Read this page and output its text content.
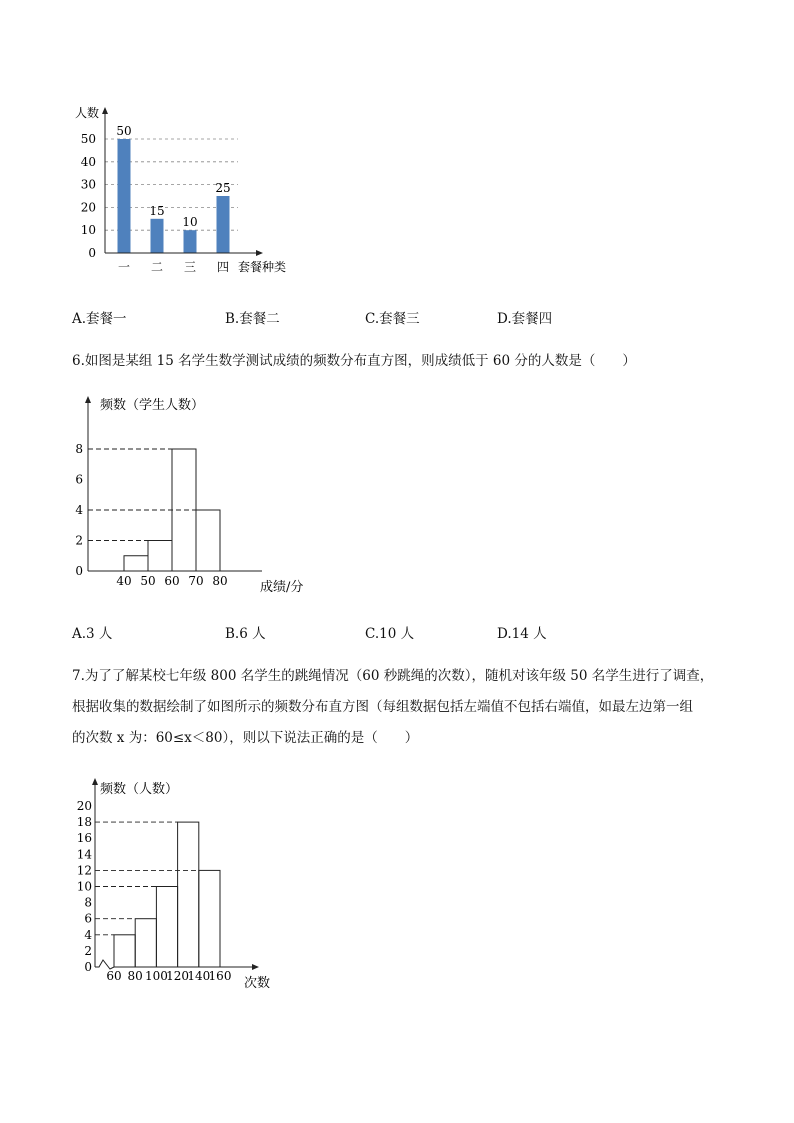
人数
50
15
10
25
0
10
20
30
40
50
一 二 三 四 套餐种类
频数（学生人数）
0
2
4
6
8
40 50 60 70 80 成绩/分
频数（人数）
0
2
4
6
8
10
12
14
16
18
20
60 80 100
120
140
160 次数
A.套餐一	B.套餐二	C.套餐三	D.套餐四
6.如图是某组 15 名学生数学测试成绩的频数分布直方图，则成绩低于 60 分的人数是（　　）
A.3 人	B.6 人	C.10 人	D.14 人
7.为了了解某校七年级 800 名学生的跳绳情况（60 秒跳绳的次数），随机对该年级 50 名学生进行了调查，
根据收集的数据绘制了如图所示的频数分布直方图（每组数据包括左端值不包括右端值，如最左边第一组
的次数 x 为：60≤x＜80），则以下说法正确的是（　　）
